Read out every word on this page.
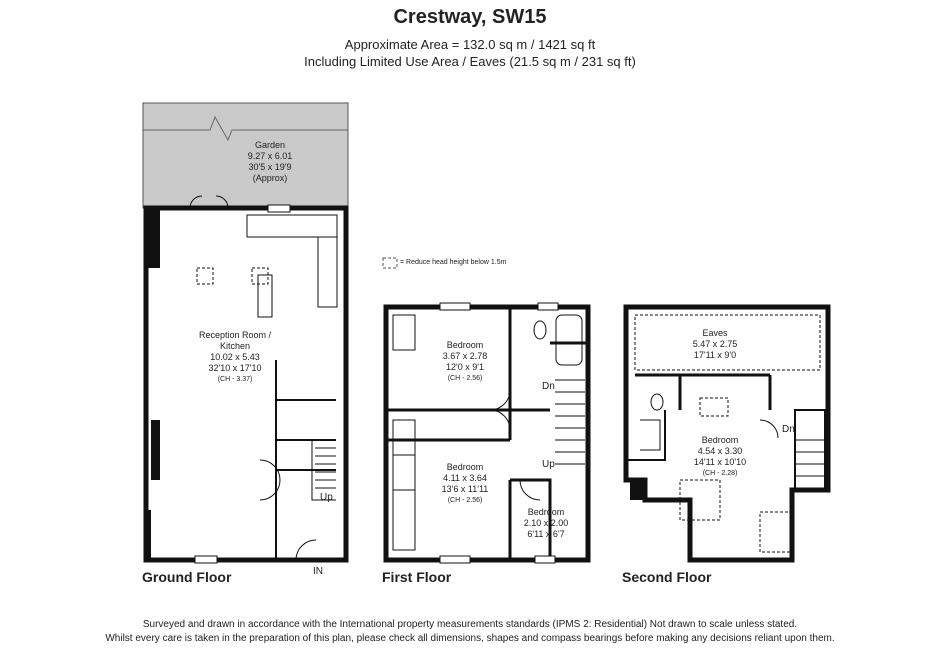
Crestway, SW15
Approximate Area = 132.0 sq m / 1421 sq ft
Including Limited Use Area / Eaves (21.5 sq m / 231 sq ft)
= Reduce head height below 1.5m
Garden
9.27 x 6.01
30'5 x 19'9
(Approx)
Reception Room /
Kitchen
10.02 x 5.43
32'10 x 17'10
(CH - 3.37)
Up
IN
Ground Floor
Bedroom
3.67 x 2.78
12'0 x 9'1
(CH - 2.56)
Bedroom
4.11 x 3.64
13'6 x 11'11
(CH - 2.56)
Bedroom
2.10 x 2.00
6'11 x 6'7
Dn
Up
First Floor
Eaves
5.47 x 2.75
17'11 x 9'0
Bedroom
4.54 x 3.30
14'11 x 10'10
(CH - 2.28)
Dn
Second Floor
Surveyed and drawn in accordance with the International property measurements standards (IPMS 2: Residential) Not drawn to scale unless stated.
Whilst every care is taken in the preparation of this plan, please check all dimensions, shapes and compass bearings before making any decisions reliant upon them.
